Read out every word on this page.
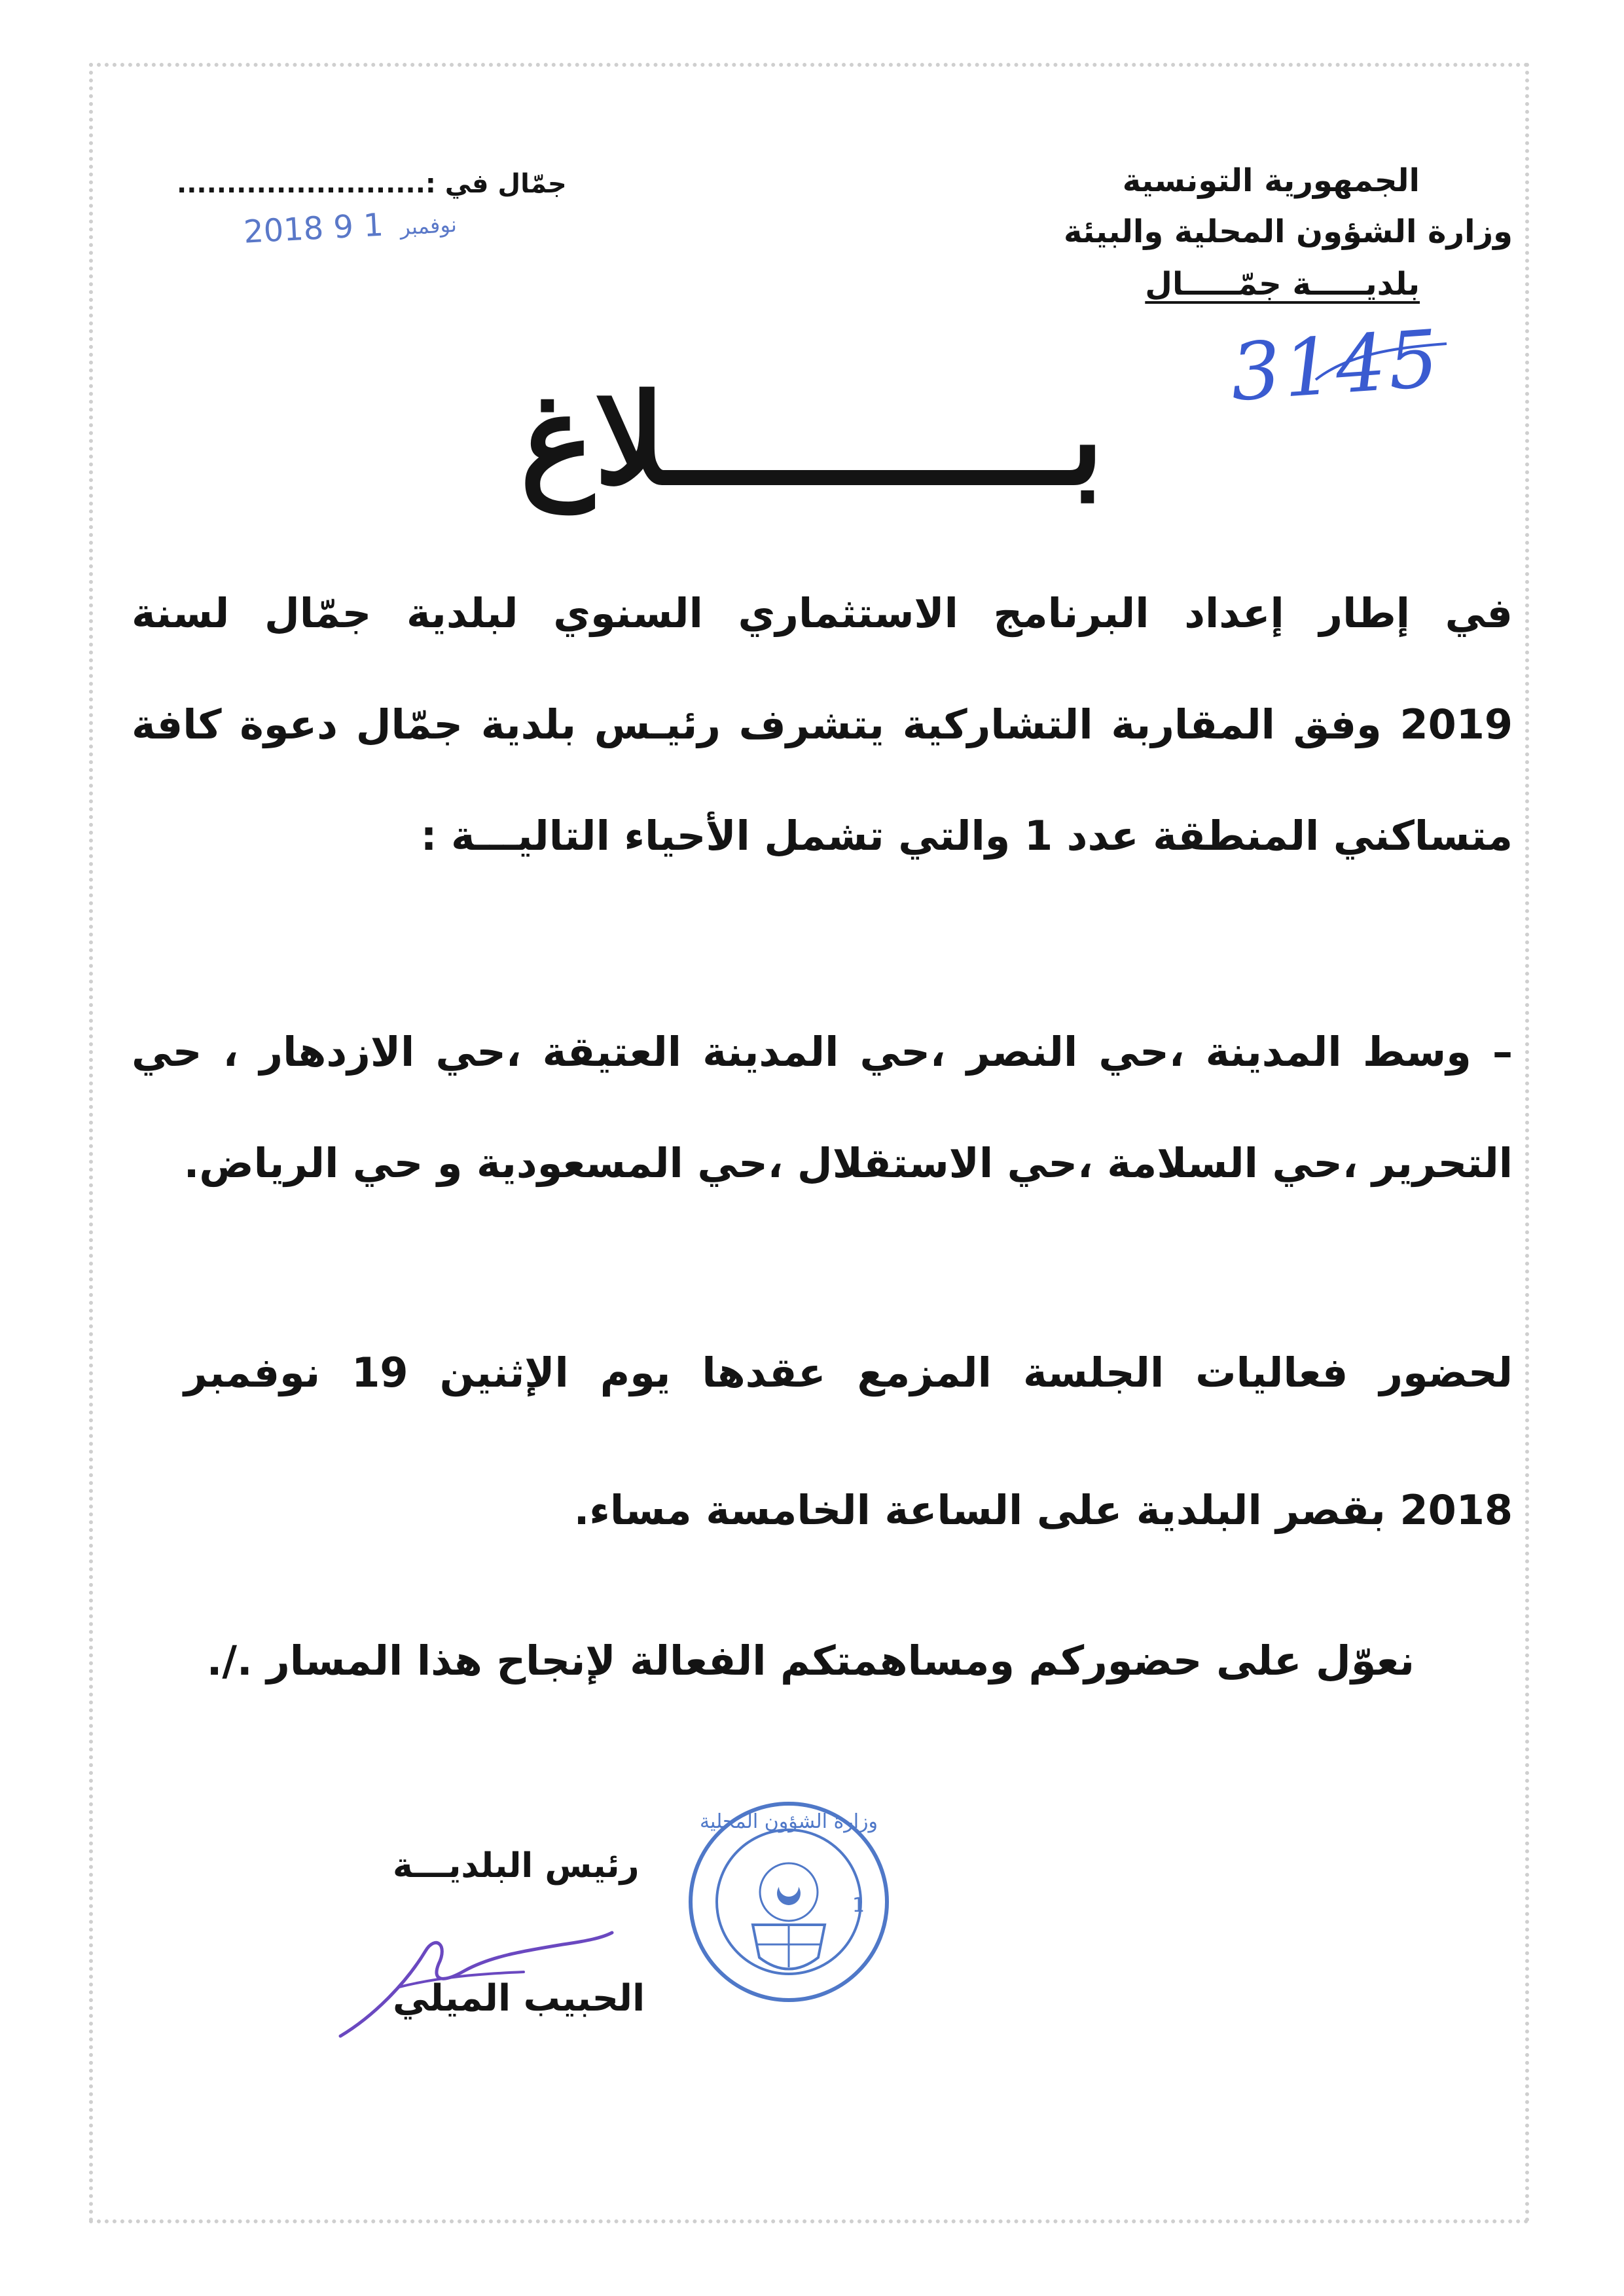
الجمهورية التونسية
وزارة الشؤون المحلية والبيئة
بلديـــــة جمّـــــال
جمّال في :.........................
2018	نوفمبر 1 9
3145
بـــــــــــلاغ
في إطار إعداد البرنامج الاستثماري السنوي لبلدية جمّال لسنة
2019 وفق المقاربة التشاركية يتشرف رئيـس بلدية جمّال دعوة كافة
متساكني المنطقة عدد 1 والتي تشمل الأحياء التاليـــة :
– وسط المدينة ،حي النصر ،حي المدينة العتيقة ،حي الازدهار ، حي
التحرير ،حي السلامة ،حي الاستقلال ،حي المسعودية و حي الرياض.
لحضور فعاليات الجلسة المزمع عقدها يوم الإثنين 19 نوفمبر
2018 بقصر البلدية على الساعة الخامسة مساء.
نعوّل على حضوركم ومساهمتكم الفعالة لإنجاح هذا المسار ./.
رئيس البلديـــة
الحبيب الميلي
وزارة الشؤون المحلية
1
